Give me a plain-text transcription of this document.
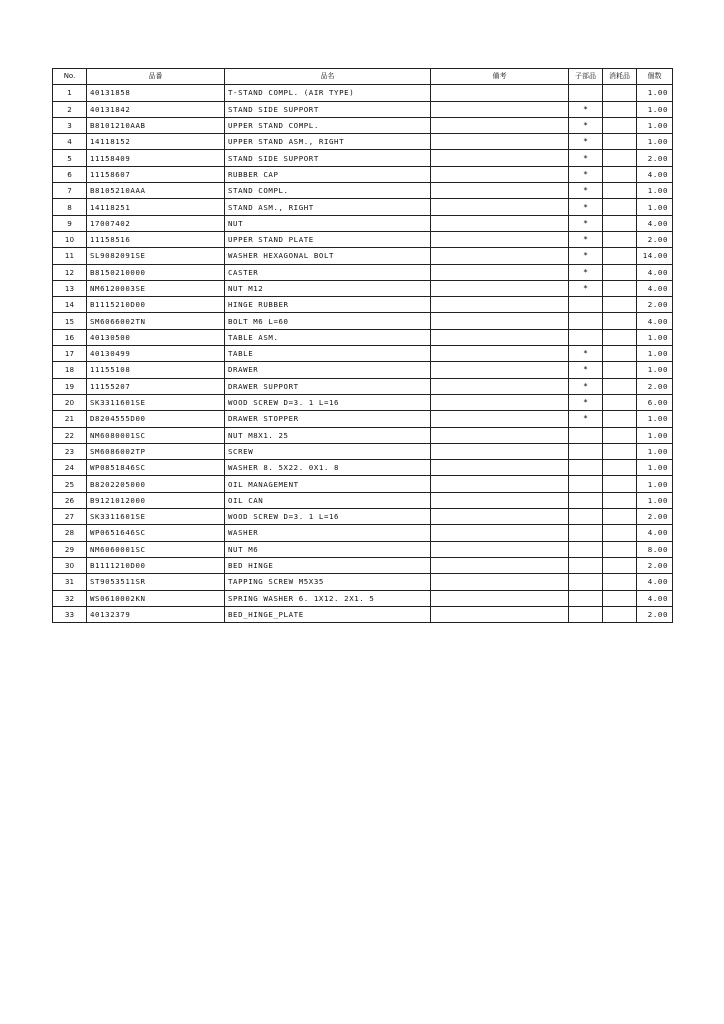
No.	品番	品名	備考	子部品	消耗品	個数
1	40131858	T-STAND COMPL. (AIR TYPE)				1.00
2	40131842	STAND SIDE SUPPORT		*		1.00
3	B8101210AAB	UPPER STAND COMPL.		*		1.00
4	14118152	UPPER STAND ASM., RIGHT		*		1.00
5	11158409	STAND SIDE SUPPORT		*		2.00
6	11158607	RUBBER CAP		*		4.00
7	B8105210AAA	STAND COMPL.		*		1.00
8	14118251	STAND ASM., RIGHT		*		1.00
9	17007402	NUT		*		4.00
10	11158516	UPPER STAND PLATE		*		2.00
11	SL9082091SE	WASHER HEXAGONAL BOLT		*		14.00
12	B8150210000	CASTER		*		4.00
13	NM6120003SE	NUT M12		*		4.00
14	B1115210D00	HINGE RUBBER				2.00
15	SM6066002TN	BOLT M6 L=60				4.00
16	40130500	TABLE ASM.				1.00
17	40130499	TABLE		*		1.00
18	11155108	DRAWER		*		1.00
19	11155207	DRAWER SUPPORT		*		2.00
20	SK3311601SE	WOOD SCREW D=3. 1 L=16		*		6.00
21	D8204555D00	DRAWER STOPPER		*		1.00
22	NM6080001SC	NUT M8X1. 25				1.00
23	SM6086002TP	SCREW				1.00
24	WP0851846SC	WASHER 8. 5X22. 0X1. 8				1.00
25	B8202205000	OIL MANAGEMENT				1.00
26	B9121012000	OIL CAN				1.00
27	SK3311601SE	WOOD SCREW D=3. 1 L=16				2.00
28	WP0651646SC	WASHER				4.00
29	NM6060001SC	NUT M6				8.00
30	B1111210D00	BED HINGE				2.00
31	ST9053511SR	TAPPING SCREW M5X35				4.00
32	WS0610002KN	SPRING WASHER 6. 1X12. 2X1. 5				4.00
33	40132379	BED_HINGE_PLATE				2.00
